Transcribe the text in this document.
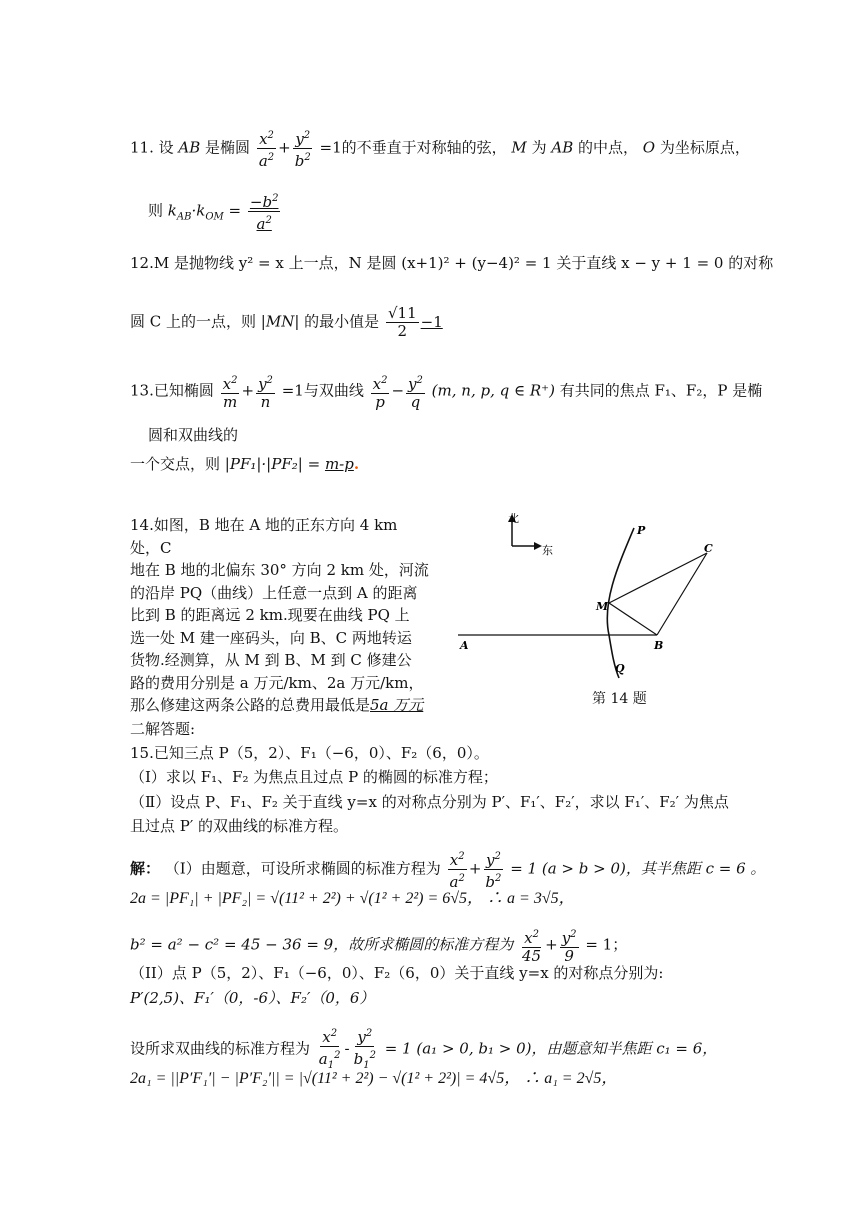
11. 设 AB 是椭圆 $\frac{x^2}{a^2} + \frac{y^2}{b^2} =1$的不垂直于对称轴的弦， M 为 AB 的中点， O 为坐标原点，
则 $k_{AB}\cdot k_{OM} = \frac{-b^2}{a^2}$
12.M 是抛物线 y² = x 上一点，N 是圆 (x+1)² + (y−4)² = 1 关于直线 x − y + 1 = 0 的对称
圆 C 上的一点，则 |MN| 的最小值是 $\frac{√11}{2} -1$
13.已知椭圆 $\frac{x^2}{m} + \frac{y^2}{n} =1$与双曲线 $\frac{x^2}{p} - \frac{y^2}{q} (m$, n, p, q ∈ R⁺) 有共同的焦点 F₁、F₂，P 是椭
圆和双曲线的
一个交点，则 |PF₁|·|PF₂| = m-p.
14.如图，B 地在 A 地的正东方向 4 km 处，C
地在 B 地的北偏东 30° 方向 2 km 处，河流
的沿岸 PQ（曲线）上任意一点到 A 的距离
比到 B 的距离远 2 km.现要在曲线 PQ 上
选一处 M 建一座码头，向 B、C 两地转运
货物.经测算，从 M 到 B、M 到 C 修建公
路的费用分别是 a 万元/km、2a 万元/km，
那么修建这两条公路的总费用最低是5a 万元
北
东
P
C
M
B
A
Q
第 14 题
二解答题:
15.已知三点 P（5，2）、F₁（−6，0）、F₂（6，0）。
（Ⅰ）求以 F₁、F₂ 为焦点且过点 P 的椭圆的标准方程；
（Ⅱ）设点 P、F₁、F₂ 关于直线 y=x 的对称点分别为 P′、F₁′、F₂′，求以 F₁′、F₂′ 为焦点
且过点 P′ 的双曲线的标准方程。
解： （I）由题意，可设所求椭圆的标准方程为 $\frac{x^2}{a^2} + \frac{y^2}{b^2} = 1$ (a > b > 0)，其半焦距 c = 6 。
2a = |PF₁| + |PF₂| = √(11² + 2²) + √(1² + 2²) = 6√5， ∴ a = 3√5，
b² = a² − c² = 45 − 36 = 9，故所求椭圆的标准方程为 $\frac{x^2}{45} + \frac{y^2}{9} = 1$；
（II）点 P（5，2）、F₁（−6，0）、F₂（6，0）关于直线 y=x 的对称点分别为:
P′(2,5)、F₁′（0，-6）、F₂′（0，6）
设所求双曲线的标准方程为 $\frac{x^2}{a_1^2} - \frac{y^2}{b_1^2} = 1$ (a₁ > 0, b₁ > 0)，由题意知半焦距 c₁ = 6，
2a₁ = ||P′F₁′| − |P′F₂′|| = |√(11² + 2²) − √(1² + 2²)| = 4√5， ∴ a₁ = 2√5，
